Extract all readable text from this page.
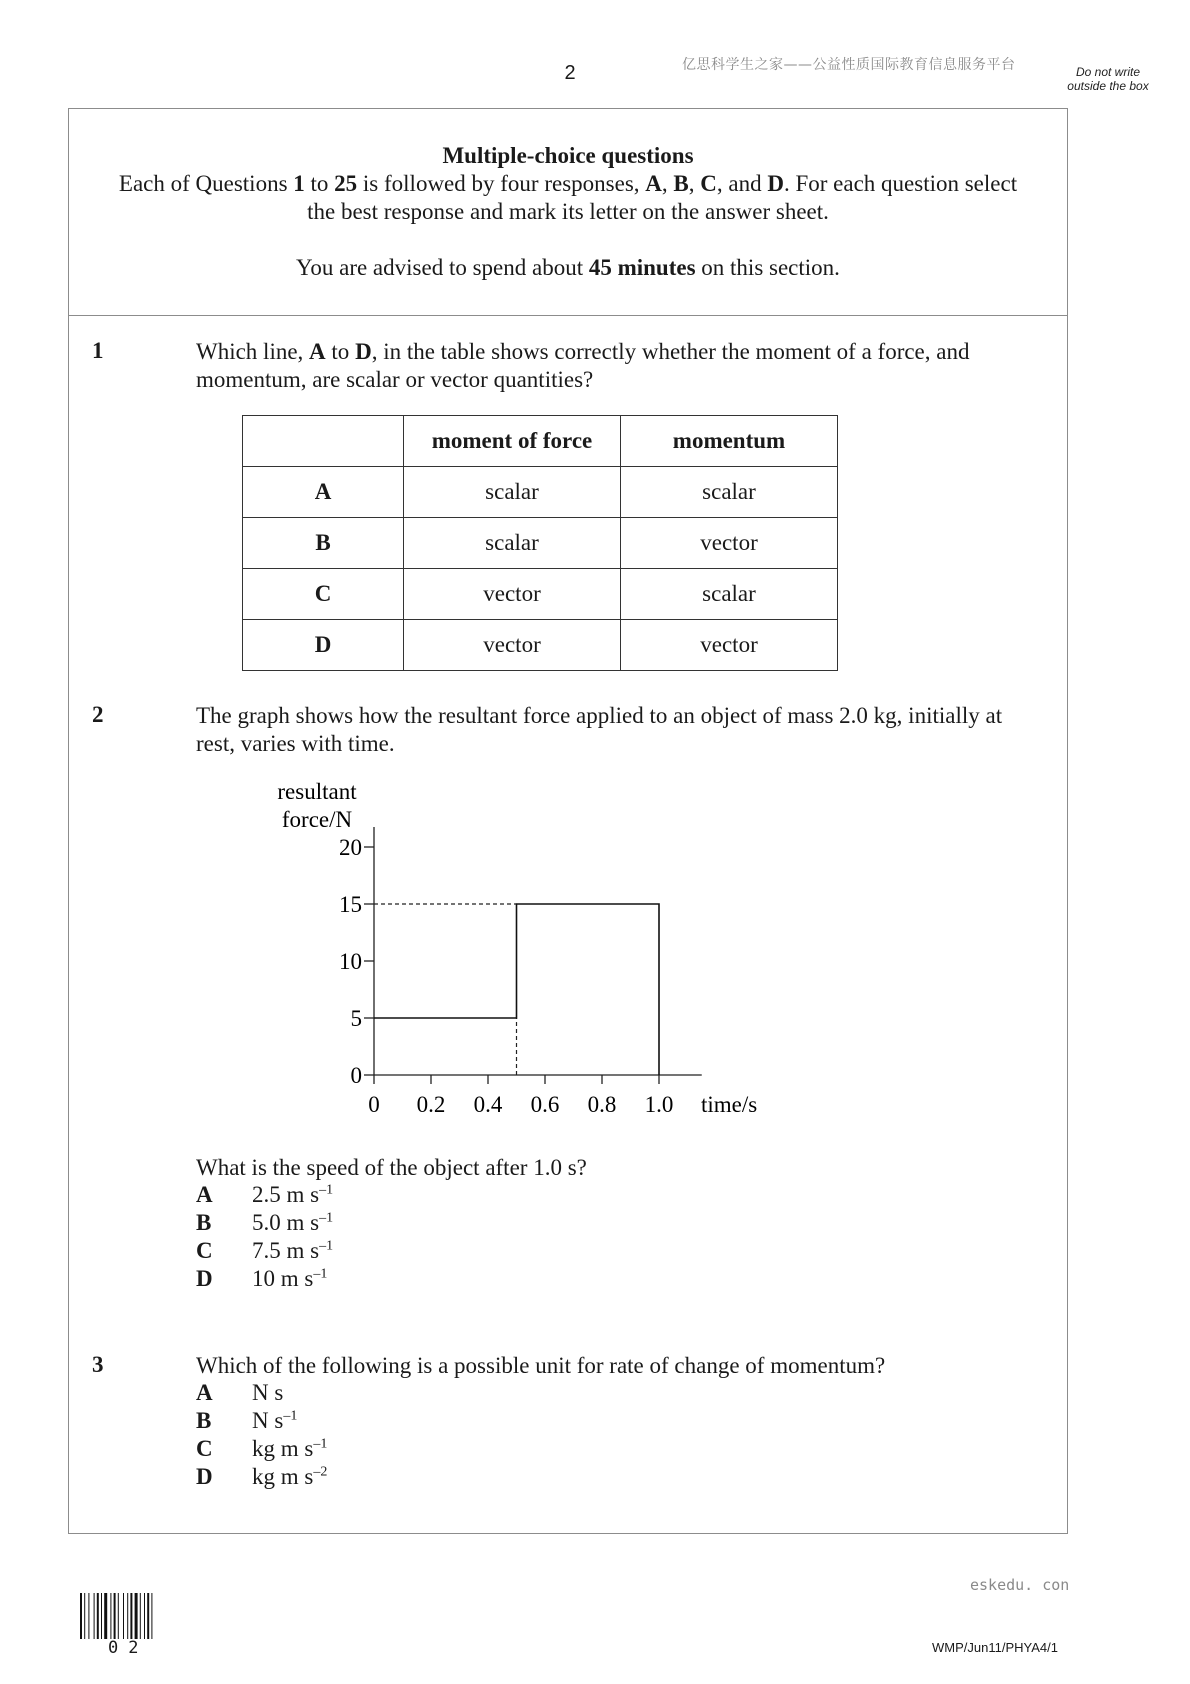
2	亿思科学生之家——公益性质国际教育信息服务平台	Do not write outside the box
Multiple-choice questions
Each of Questions 1 to 25 is followed by four responses, A, B, C, and D. For each question select the best response and mark its letter on the answer sheet.
You are advised to spend about 45 minutes on this section.
1	Which line, A to D, in the table shows correctly whether the moment of a force, and momentum, are scalar or vector quantities?
	moment of force	momentum
A	scalar	scalar
B	scalar	vector
C	vector	scalar
D	vector	vector
2	The graph shows how the resultant force applied to an object of mass 2.0 kg, initially at rest, varies with time.
resultant
force/N
0
5
10
15
20
0 0.2 0.4 0.6 0.8 1.0 time/s
What is the speed of the object after 1.0 s?
A 2.5 m $s^{-1}$
B 5.0 m $s^{-1}$
C 7.5 m $s^{-1}$
D 10 m $s^{-1}$
3	Which of the following is a possible unit for rate of change of momentum?
A N s
B N $s^{-1}$
C kg m $s^{-1}$
D kg m $s^{-2}$
eskedu. con
02	WMP/Jun11/PHYA4/1
